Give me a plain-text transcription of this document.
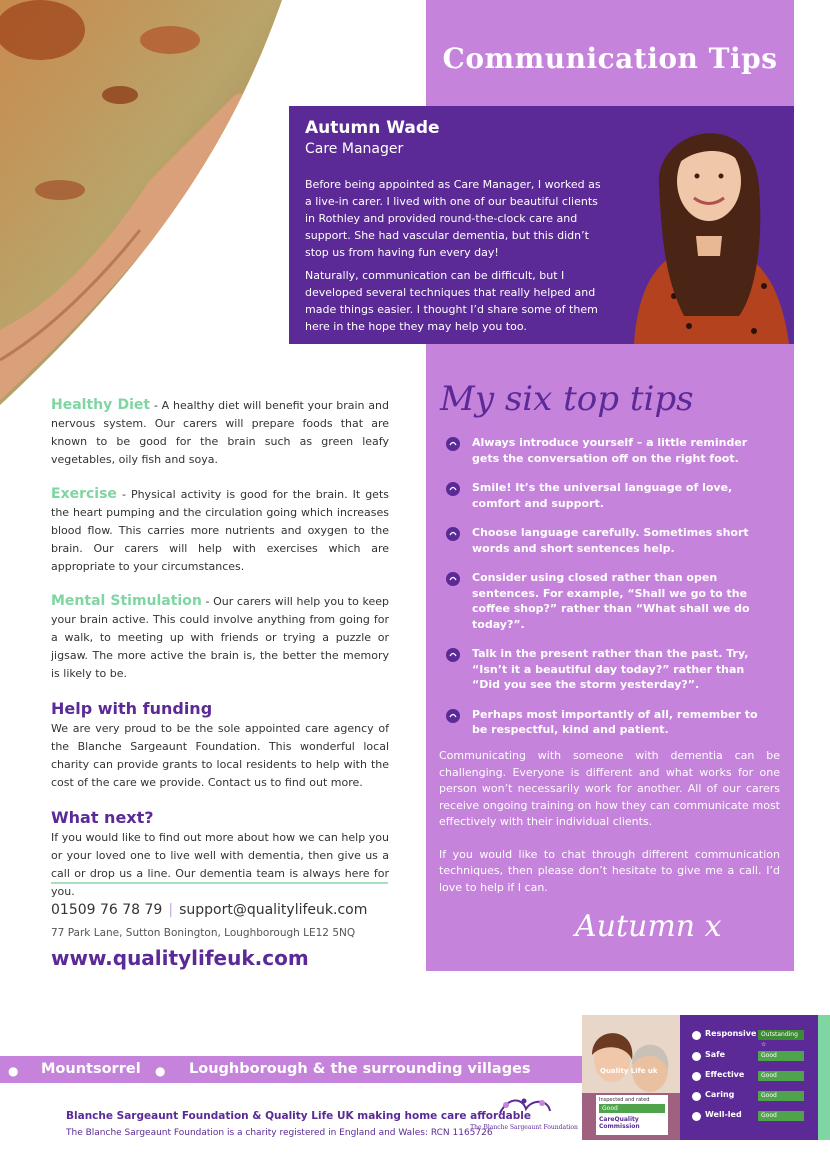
Communication Tips
Autumn Wade
Care Manager

Before being appointed as Care Manager, I worked as a live-in carer. I lived with one of our beautiful clients in Rothley and provided round-the-clock care and support. She had vascular dementia, but this didn’t stop us from having fun every day!

Naturally, communication can be difficult, but I developed several techniques that really helped and made things easier. I thought I’d share some of them here in the hope they may help you too.

My six top tips
Always introduce yourself – a little reminder gets the conversation off on the right foot.
Smile! It’s the universal language of love, comfort and support.
Choose language carefully. Sometimes short words and short sentences help.
Consider using closed rather than open sentences. For example, “Shall we go to the coffee shop?” rather than “What shall we do today?”.
Talk in the present rather than the past. Try, “Isn’t it a beautiful day today?” rather than “Did you see the storm yesterday?”.
Perhaps most importantly of all, remember to be respectful, kind and patient.

Communicating with someone with dementia can be challenging. Everyone is different and what works for one person won’t necessarily work for another. All of our carers receive ongoing training on how they can communicate most effectively with their individual clients.

If you would like to chat through different communication techniques, then please don’t hesitate to give me a call. I’d love to help if I can.

Autumn x

Healthy Diet - A healthy diet will benefit your brain and nervous system. Our carers will prepare foods that are known to be good for the brain such as green leafy vegetables, oily fish and soya.

Exercise - Physical activity is good for the brain. It gets the heart pumping and the circulation going which increases blood flow. This carries more nutrients and oxygen to the brain. Our carers will help with exercises which are appropriate to your circumstances.

Mental Stimulation - Our carers will help you to keep your brain active. This could involve anything from going for a walk, to meeting up with friends or trying a puzzle or jigsaw. The more active the brain is, the better the memory is likely to be.

Help with funding

We are very proud to be the sole appointed care agency of the Blanche Sargeaunt Foundation. This wonderful local charity can provide grants to local residents to help with the cost of the care we provide. Contact us to find out more.

What next?

If you would like to find out more about how we can help you or your loved one to live well with dementia, then give us a call or drop us a line. Our dementia team is always here for you.

01509 76 78 79 | support@qualitylifeuk.com
77 Park Lane, Sutton Bonington, Loughborough LE12 5NQ
www.qualitylifeuk.com
● Mountsorrel ● Loughborough & the surrounding villages
Blanche Sargeaunt Foundation & Quality Life UK making home care affordable
The Blanche Sargeaunt Foundation is a charity registered in England and Wales: RCN 1165726
The Blanche Sargeaunt Foundation
Quality Life uk
Inspected and rated
Good
CareQuality Commission
Responsive Outstanding ☆
Safe	Good
Effective	Good
Caring	Good
Well-led	Good
